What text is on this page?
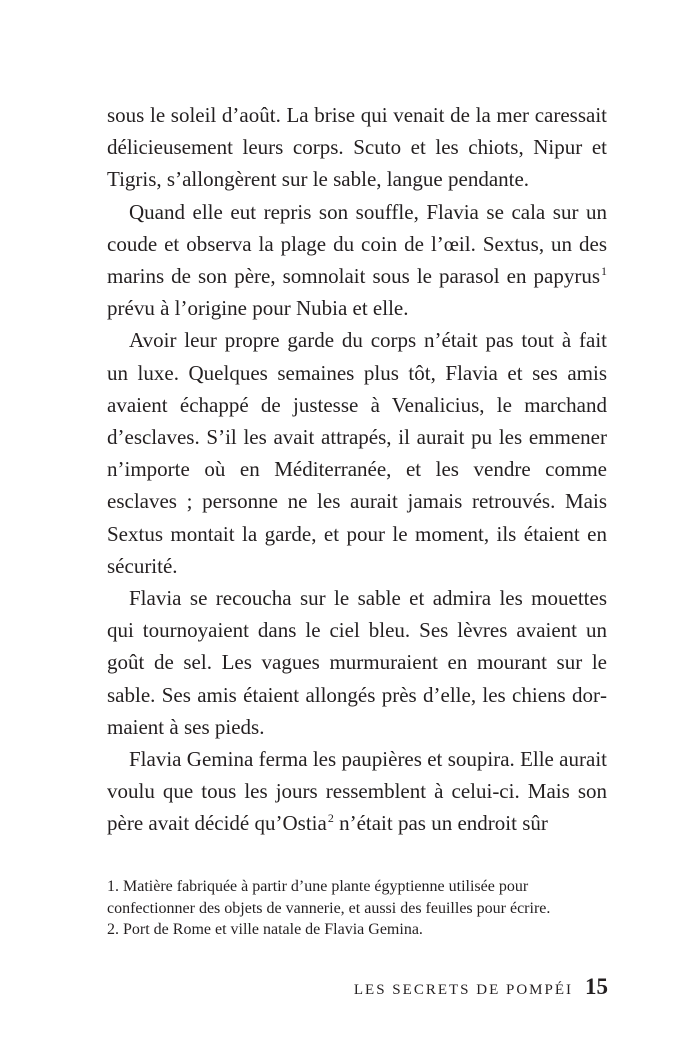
sous le soleil d’août. La brise qui venait de la mer caressait délicieusement leurs corps. Scuto et les chiots, Nipur et Tigris, s’allongèrent sur le sable, langue pendante.

Quand elle eut repris son souffle, Flavia se cala sur un coude et observa la plage du coin de l’œil. Sextus, un des marins de son père, somnolait sous le parasol en papyrus$^1$ prévu à l’origine pour Nubia et elle.

Avoir leur propre garde du corps n’était pas tout à fait un luxe. Quelques semaines plus tôt, Flavia et ses amis avaient échappé de justesse à Venalicius, le marchand d’esclaves. S’il les avait attrapés, il aurait pu les emmener n’importe où en Méditerranée, et les vendre comme esclaves ; personne ne les aurait jamais retrouvés. Mais Sextus montait la garde, et pour le moment, ils étaient en sécurité.

Flavia se recoucha sur le sable et admira les mouettes qui tournoyaient dans le ciel bleu. Ses lèvres avaient un goût de sel. Les vagues murmuraient en mourant sur le sable. Ses amis étaient allongés près d’elle, les chiens dormaient à ses pieds.

Flavia Gemina ferma les paupières et soupira. Elle aurait voulu que tous les jours ressemblent à celui-ci. Mais son père avait décidé qu’Ostia$^2$ n’était pas un endroit sûr

1. Matière fabriquée à partir d’une plante égyptienne utilisée pour confectionner des objets de vannerie, et aussi des feuilles pour écrire.

2. Port de Rome et ville natale de Flavia Gemina.

LES SECRETS DE POMPÉI 15
